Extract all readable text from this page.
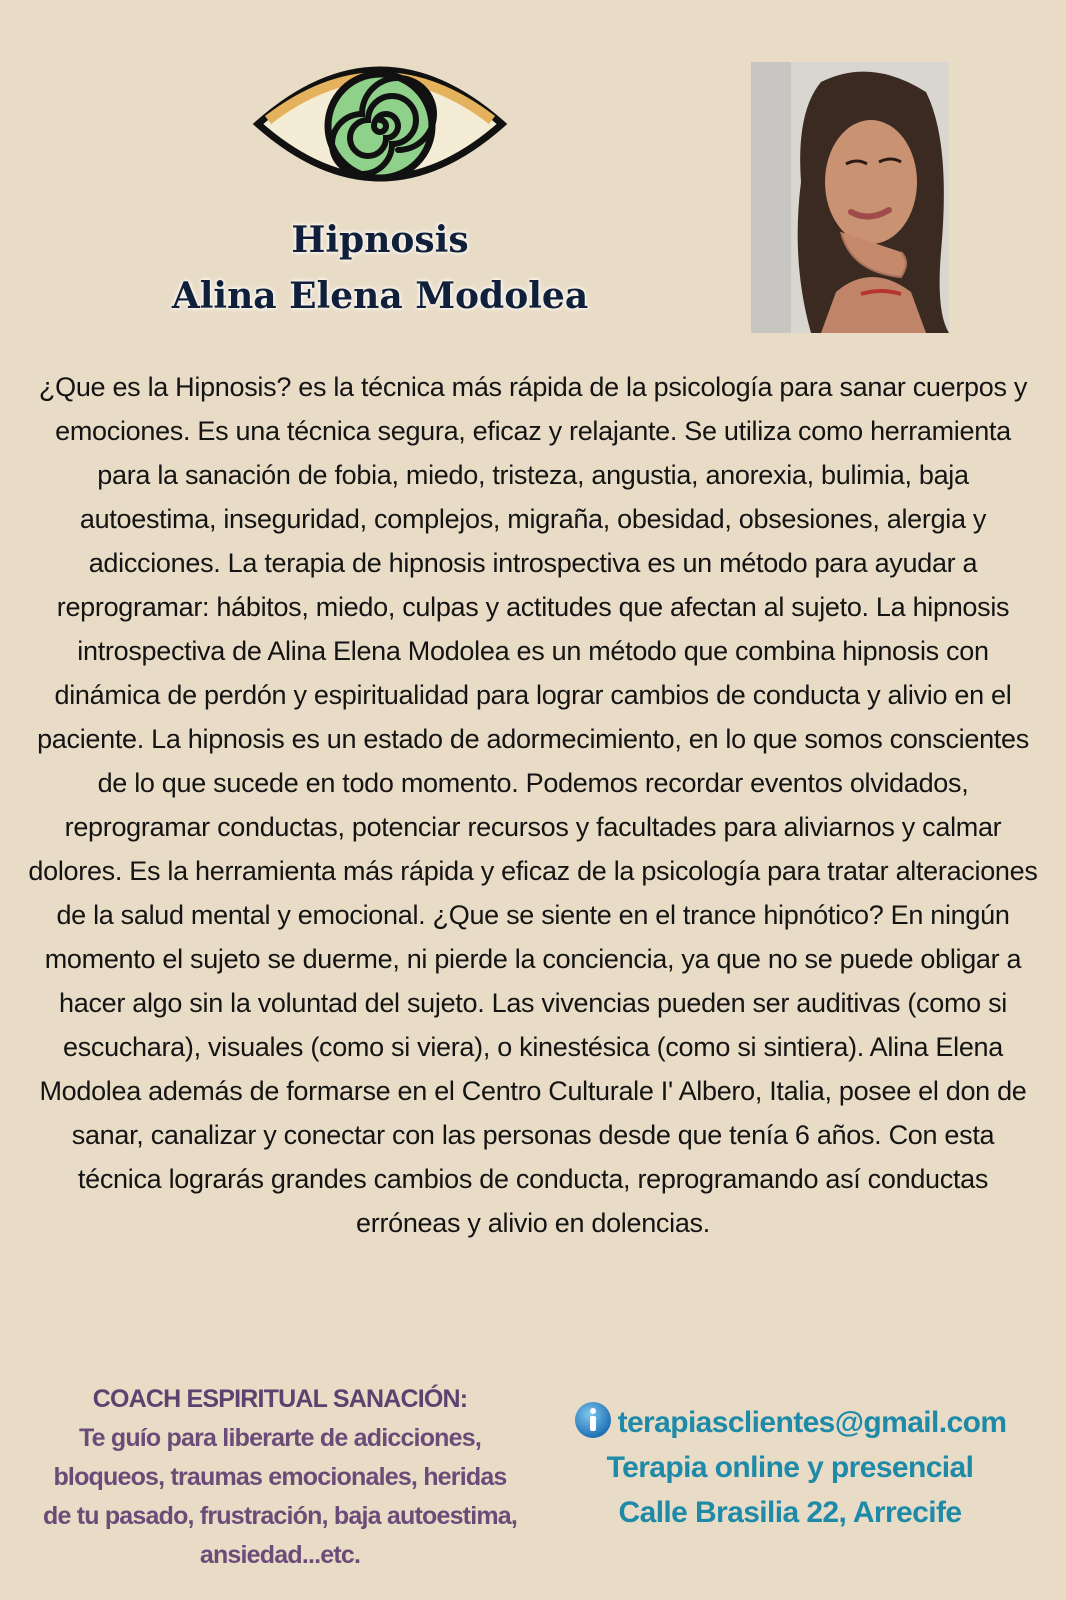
Hipnosis
Alina Elena Modolea

¿Que es la Hipnosis? es la técnica más rápida de la psicología para sanar cuerpos y emociones. Es una técnica segura, eficaz y relajante. Se utiliza como herramienta para la sanación de fobia, miedo, tristeza, angustia, anorexia, bulimia, baja autoestima, inseguridad, complejos, migraña, obesidad, obsesiones, alergia y adicciones. La terapia de hipnosis introspectiva es un método para ayudar a reprogramar: hábitos, miedo, culpas y actitudes que afectan al sujeto. La hipnosis introspectiva de Alina Elena Modolea es un método que combina hipnosis con dinámica de perdón y espiritualidad para lograr cambios de conducta y alivio en el paciente. La hipnosis es un estado de adormecimiento, en lo que somos conscientes de lo que sucede en todo momento. Podemos recordar eventos olvidados, reprogramar conductas, potenciar recursos y facultades para aliviarnos y calmar dolores. Es la herramienta más rápida y eficaz de la psicología para tratar alteraciones de la salud mental y emocional. ¿Que se siente en el trance hipnótico? En ningún momento el sujeto se duerme, ni pierde la conciencia, ya que no se puede obligar a hacer algo sin la voluntad del sujeto. Las vivencias pueden ser auditivas (como si escuchara), visuales (como si viera), o kinestésica (como si sintiera). Alina Elena Modolea además de formarse en el Centro Culturale I' Albero, Italia, posee el don de sanar, canalizar y conectar con las personas desde que tenía 6 años. Con esta técnica lograrás grandes cambios de conducta, reprogramando así conductas erróneas y alivio en dolencias.

COACH ESPIRITUAL SANACIÓN:
Te guío para liberarte de adicciones, bloqueos, traumas emocionales, heridas de tu pasado, frustración, baja autoestima, ansiedad...etc.
terapiasclientes@gmail.com
Terapia online y presencial
Calle Brasilia 22, Arrecife
